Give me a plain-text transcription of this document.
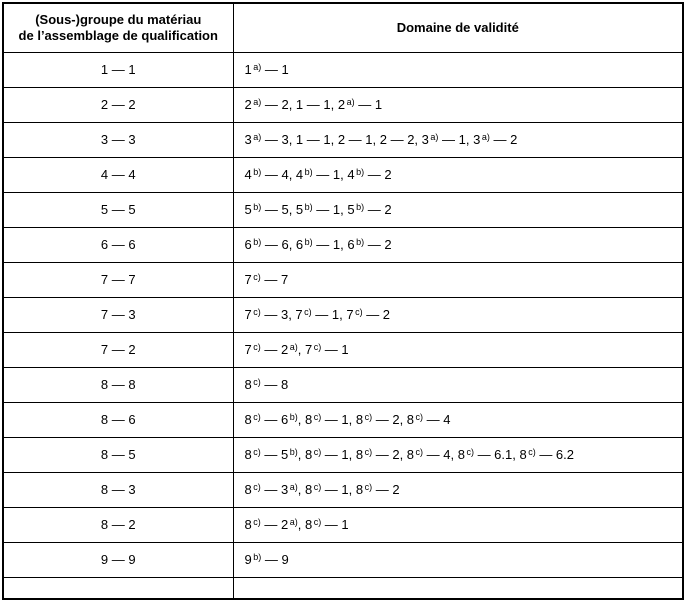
(Sous-)groupe du matériau
de l’assemblage de qualification	Domaine de validité
1 — 1	1 $^{a)}$ — 1
2 — 2	2 $^{a)}$ — 2, 1 — 1, 2 $^{a)}$ — 1
3 — 3	3 $^{a)}$ — 3, 1 — 1, 2 — 1, 2 — 2, 3 $^{a)}$ — 1, 3 $^{a)}$ — 2
4 — 4	4 $^{b)}$ — 4, 4 $^{b)}$ — 1, 4 $^{b)}$ — 2
5 — 5	5 $^{b)}$ — 5, 5 $^{b)}$ — 1, 5 $^{b)}$ — 2
6 — 6	6 $^{b)}$ — 6, 6 $^{b)}$ — 1, 6 $^{b)}$ — 2
7 — 7	7 $^{c)}$ — 7
7 — 3	7 $^{c)}$ — 3, 7 $^{c)}$ — 1, 7 $^{c)}$ — 2
7 — 2	7 $^{c)}$ — 2 $^{a)}$, 7 $^{c)}$ — 1
8 — 8	8 $^{c)}$ — 8
8 — 6	8 $^{c)}$ — 6 $^{b)}$, 8 $^{c)}$ — 1, 8 $^{c)}$ — 2, 8 $^{c)}$ — 4
8 — 5	8 $^{c)}$ — 5 $^{b)}$, 8 $^{c)}$ — 1, 8 $^{c)}$ — 2, 8 $^{c)}$ — 4, 8 $^{c)}$ — 6.1, 8 $^{c)}$ — 6.2
8 — 3	8 $^{c)}$ — 3 $^{a)}$, 8 $^{c)}$ — 1, 8 $^{c)}$ — 2
8 — 2	8 $^{c)}$ — 2 $^{a)}$, 8 $^{c)}$ — 1
9 — 9	9 $^{b)}$ — 9
